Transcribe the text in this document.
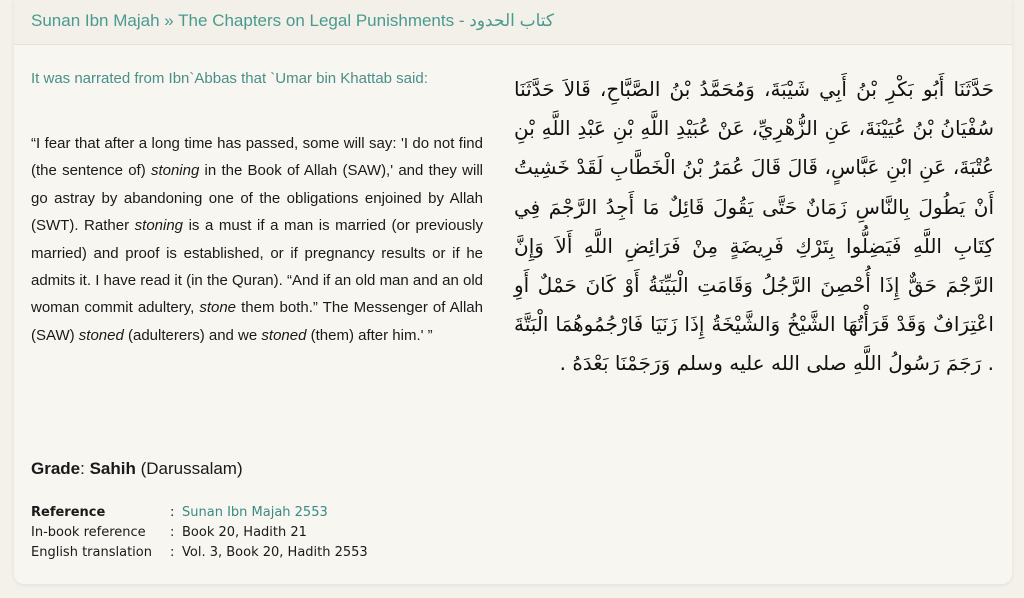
Sunan Ibn Majah » The Chapters on Legal Punishments - كتاب الحدود
It was narrated from Ibn`Abbas that `Umar bin Khattab said:
“I fear that after a long time has passed, some will say: 'I do not find (the sentence of) stoning in the Book of Allah (SAW),' and they will go astray by abandoning one of the obligations enjoined by Allah (SWT). Rather stoning is a must if a man is married (or previously married) and proof is established, or if pregnancy results or if he admits it. I have read it (in the Quran). “And if an old man and an old woman commit adultery, stone them both.” The Messenger of Allah (SAW) stoned (adulterers) and we stoned (them) after him.' ”
حَدَّثَنَا أَبُو بَكْرِ بْنُ أَبِي شَيْبَةَ، وَمُحَمَّدُ بْنُ الصَّبَّاحِ، قَالاَ حَدَّثَنَا سُفْيَانُ بْنُ عُيَيْنَةَ، عَنِ الزُّهْرِيِّ، عَنْ عُبَيْدِ اللَّهِ بْنِ عَبْدِ اللَّهِ بْنِ عُتْبَةَ، عَنِ ابْنِ عَبَّاسٍ، قَالَ قَالَ عُمَرُ بْنُ الْخَطَّابِ لَقَدْ خَشِيتُ أَنْ يَطُولَ بِالنَّاسِ زَمَانٌ حَتَّى يَقُولَ قَائِلٌ مَا أَجِدُ الرَّجْمَ فِي كِتَابِ اللَّهِ فَيَضِلُّوا بِتَرْكِ فَرِيضَةٍ مِنْ فَرَائِضِ اللَّهِ أَلاَ وَإِنَّ الرَّجْمَ حَقٌّ إِذَا أُحْصِنَ الرَّجُلُ وَقَامَتِ الْبَيِّنَةُ أَوْ كَانَ حَمْلٌ أَوِ اعْتِرَافٌ وَقَدْ قَرَأْتُهَا الشَّيْخُ وَالشَّيْخَةُ إِذَا زَنَيَا فَارْجُمُوهُمَا الْبَتَّةَ ‏.‏ رَجَمَ رَسُولُ اللَّهِ صلى الله عليه وسلم وَرَجَمْنَا بَعْدَهُ ‏.
Grade: Sahih (Darussalam)
Reference	:	Sunan Ibn Majah 2553
In-book reference	:	Book 20, Hadith 21
English translation	:	Vol. 3, Book 20, Hadith 2553
